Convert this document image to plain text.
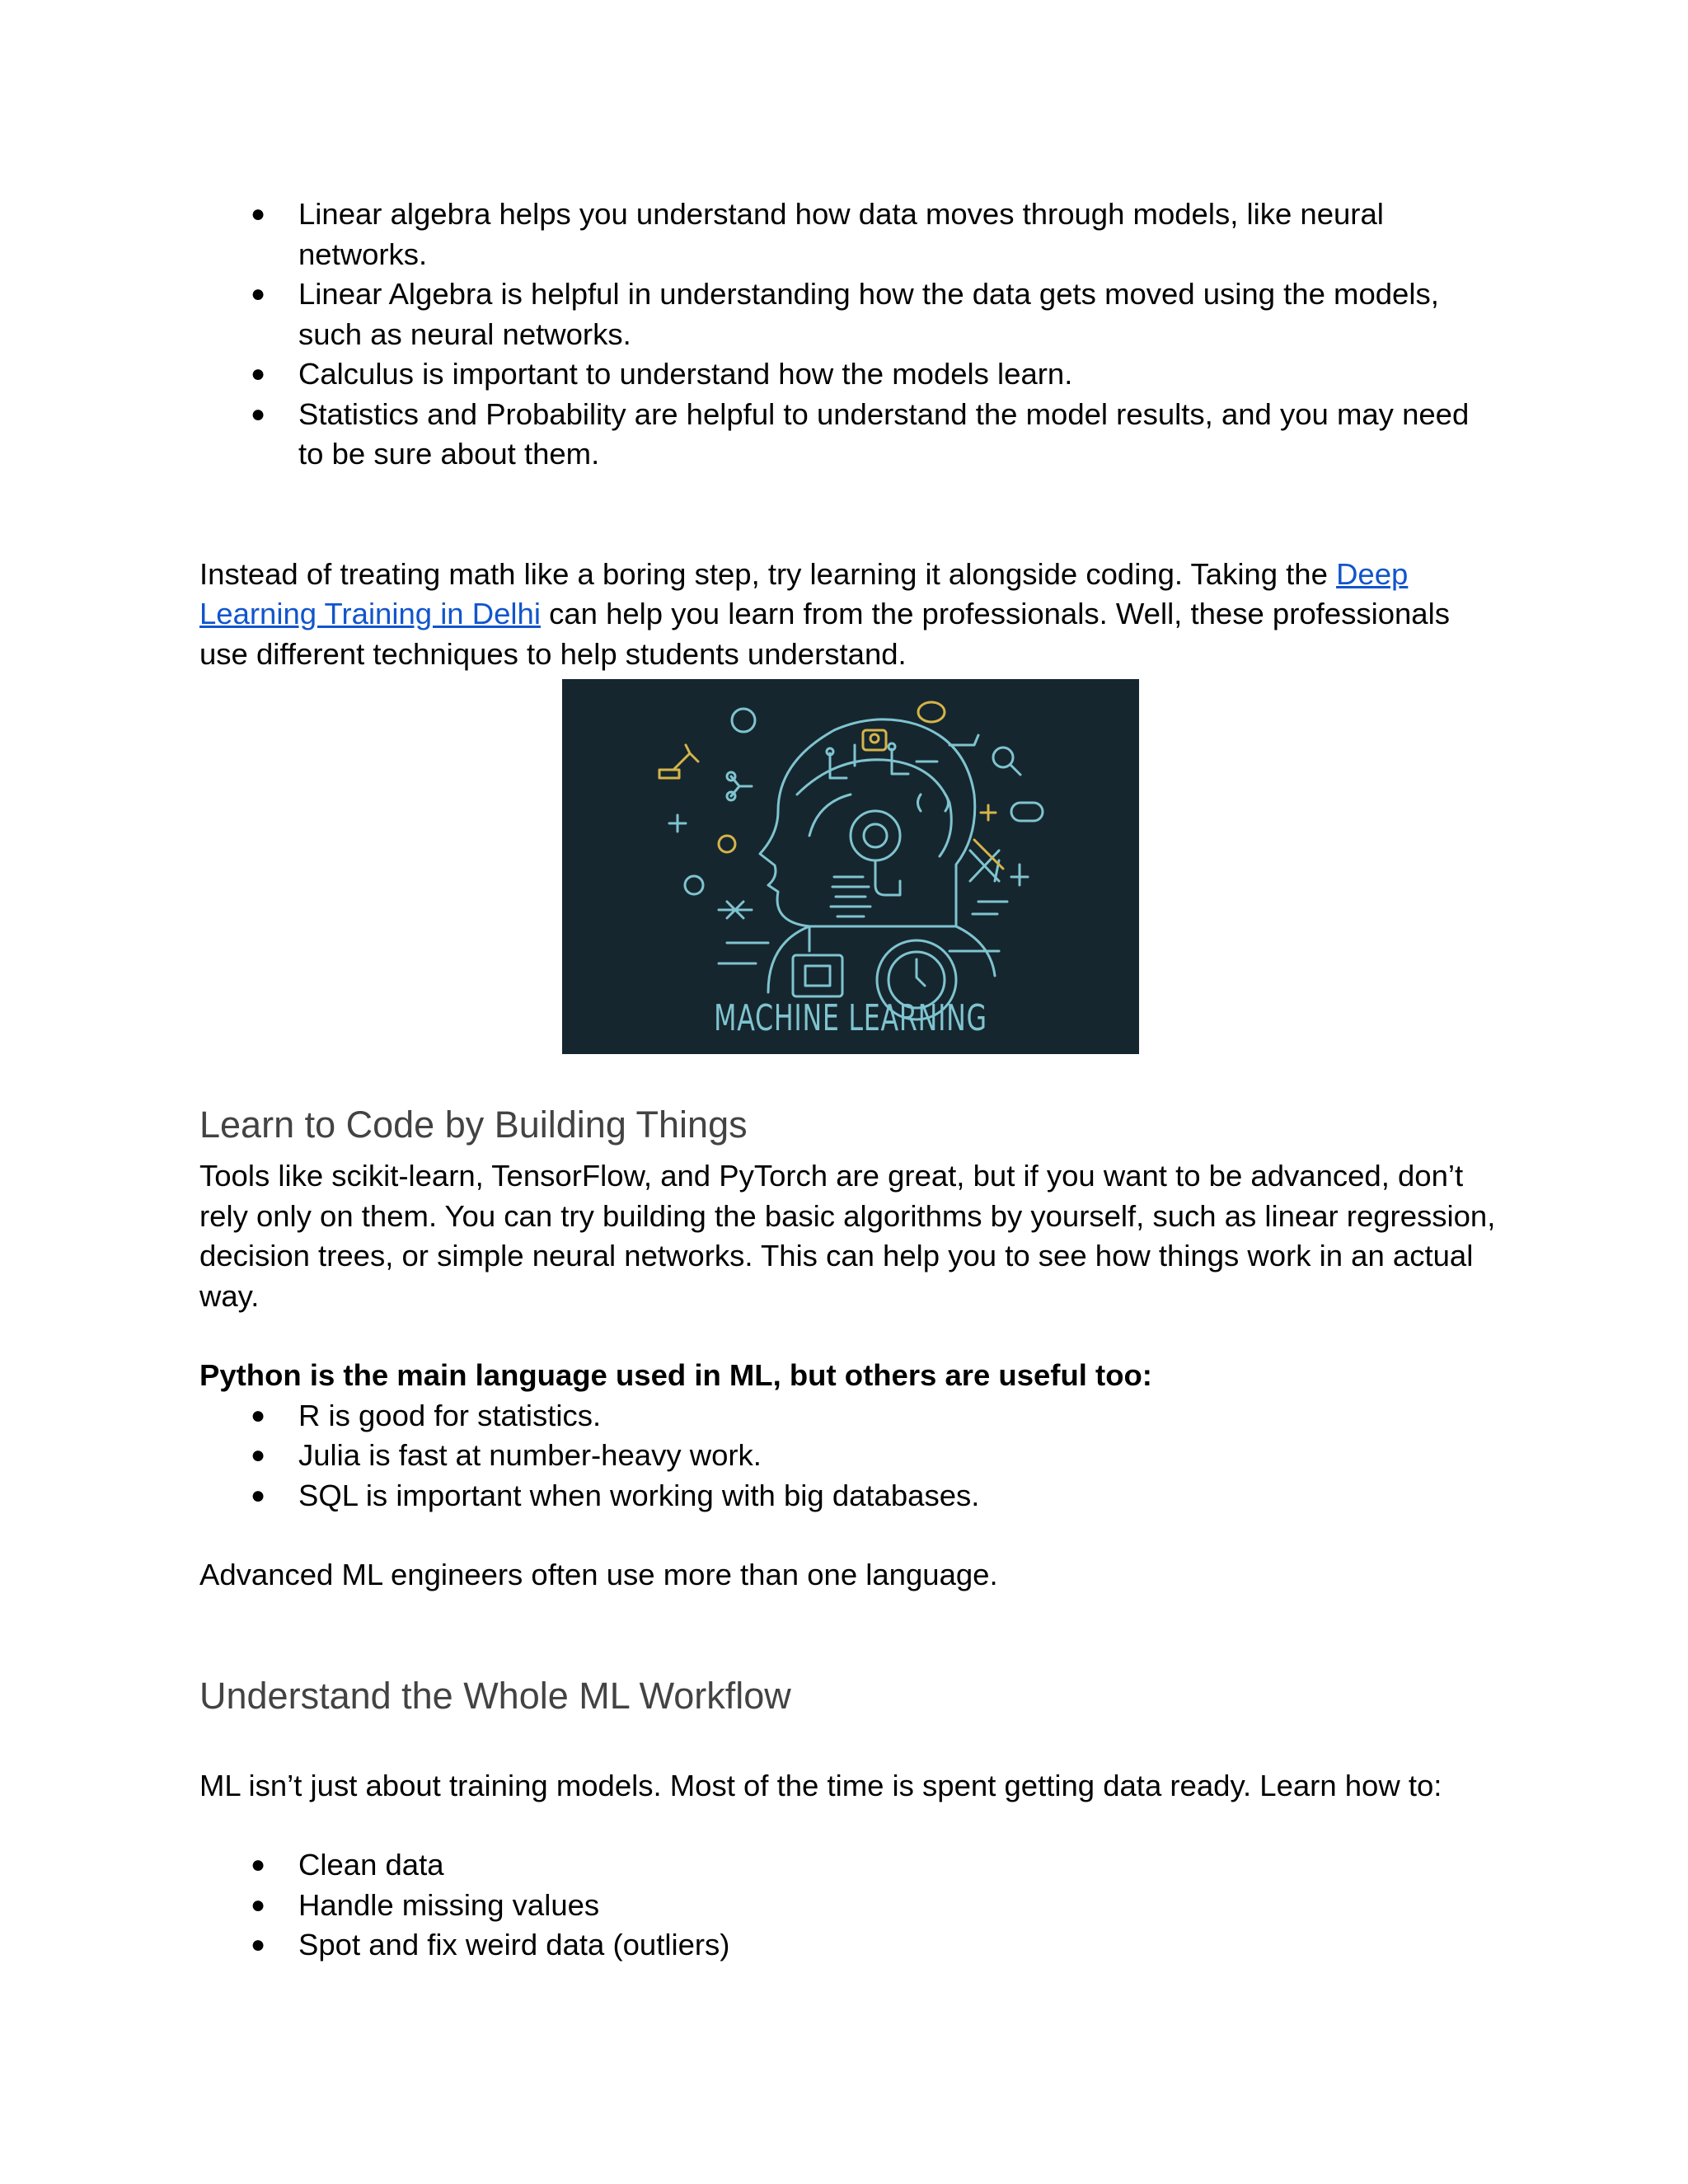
● Linear algebra helps you understand how data moves through models, like neural networks.
● Linear Algebra is helpful in understanding how the data gets moved using the models, such as neural networks.
● Calculus is important to understand how the models learn.
● Statistics and Probability are helpful to understand the model results, and you may need to be sure about them.

Instead of treating math like a boring step, try learning it alongside coding. Taking the Deep Learning Training in Delhi can help you learn from the professionals. Well, these professionals use different techniques to help students understand.

MACHINE LEARNING
Learn to Code by Building Things

Tools like scikit-learn, TensorFlow, and PyTorch are great, but if you want to be advanced, don’t rely only on them. You can try building the basic algorithms by yourself, such as linear regression, decision trees, or simple neural networks. This can help you to see how things work in an actual way.

Python is the main language used in ML, but others are useful too:

● R is good for statistics.
● Julia is fast at number-heavy work.
● SQL is important when working with big databases.

Advanced ML engineers often use more than one language.

Understand the Whole ML Workflow

ML isn’t just about training models. Most of the time is spent getting data ready. Learn how to:

● Clean data
● Handle missing values
● Spot and fix weird data (outliers)
